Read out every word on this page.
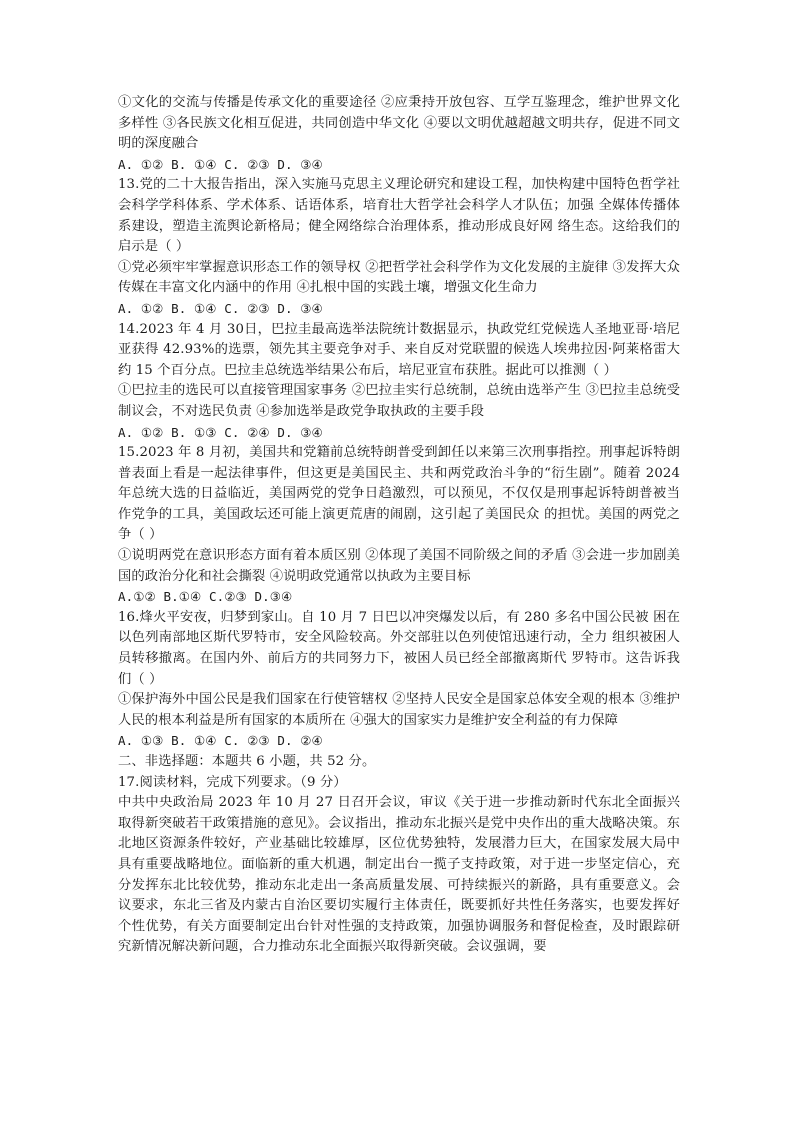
①文化的交流与传播是传承文化的重要途径 ②应秉持开放包容、互学互鉴理念，维护世界文化多样性 ③各民族文化相互促进，共同创造中华文化 ④要以文明优越超越文明共存，促进不同文明的深度融合

A. ①② B. ①④ C. ②③ D. ③④

13.党的二十大报告指出，深入实施马克思主义理论研究和建设工程，加快构建中国特色哲学社会科学学科体系、学术体系、话语体系，培育壮大哲学社会科学人才队伍；加强 全媒体传播体系建设，塑造主流舆论新格局；健全网络综合治理体系，推动形成良好网 络生态。这给我们的启示是（ ）

①党必须牢牢掌握意识形态工作的领导权 ②把哲学社会科学作为文化发展的主旋律 ③发挥大众传媒在丰富文化内涵中的作用 ④扎根中国的实践土壤，增强文化生命力

A. ①② B. ①④ C. ②③ D. ③④

14.2023 年 4 月 30日，巴拉圭最高选举法院统计数据显示，执政党红党候选人圣地亚哥·培尼亚获得 42.93%的选票，领先其主要竞争对手、来自反对党联盟的候选人埃弗拉因·阿莱格雷大约 15 个百分点。巴拉圭总统选举结果公布后，培尼亚宣布获胜。据此可以推测（ ）

①巴拉圭的选民可以直接管理国家事务 ②巴拉圭实行总统制，总统由选举产生 ③巴拉圭总统受制议会，不对选民负责 ④参加选举是政党争取执政的主要手段

A. ①② B. ①③ C. ②④ D. ③④

15.2023 年 8 月初，美国共和党籍前总统特朗普受到卸任以来第三次刑事指控。刑事起诉特朗普表面上看是一起法律事件，但这更是美国民主、共和两党政治斗争的“衍生剧”。随着 2024 年总统大选的日益临近，美国两党的党争日趋激烈，可以预见，不仅仅是刑事起诉特朗普被当作党争的工具，美国政坛还可能上演更荒唐的闹剧，这引起了美国民众 的担忧。美国的两党之争（ ）

①说明两党在意识形态方面有着本质区别 ②体现了美国不同阶级之间的矛盾 ③会进一步加剧美国的政治分化和社会撕裂 ④说明政党通常以执政为主要目标

A.①② B.①④ C.②③ D.③④

16.烽火平安夜，归梦到家山。自 10 月 7 日巴以冲突爆发以后，有 280 多名中国公民被 困在以色列南部地区斯代罗特市，安全风险较高。外交部驻以色列使馆迅速行动，全力 组织被困人员转移撤离。在国内外、前后方的共同努力下，被困人员已经全部撤离斯代 罗特市。这告诉我们（ ）

①保护海外中国公民是我们国家在行使管辖权 ②坚持人民安全是国家总体安全观的根本 ③维护人民的根本利益是所有国家的本质所在 ④强大的国家实力是维护安全利益的有力保障

A. ①③ B. ①④ C. ②③ D. ②④

二、非选择题：本题共 6 小题，共 52 分。

17.阅读材料，完成下列要求。（9 分）

中共中央政治局 2023 年 10 月 27 日召开会议，审议《关于进一步推动新时代东北全面振兴取得新突破若干政策措施的意见》。会议指出，推动东北振兴是党中央作出的重大战略决策。东北地区资源条件较好，产业基础比较雄厚，区位优势独特，发展潜力巨大，在国家发展大局中具有重要战略地位。面临新的重大机遇，制定出台一揽子支持政策，对于进一步坚定信心，充分发挥东北比较优势，推动东北走出一条高质量发展、可持续振兴的新路，具有重要意义。会议要求，东北三省及内蒙古自治区要切实履行主体责任，既要抓好共性任务落实，也要发挥好个性优势，有关方面要制定出台针对性强的支持政策，加强协调服务和督促检查，及时跟踪研究新情况解决新问题，合力推动东北全面振兴取得新突破。会议强调，要
